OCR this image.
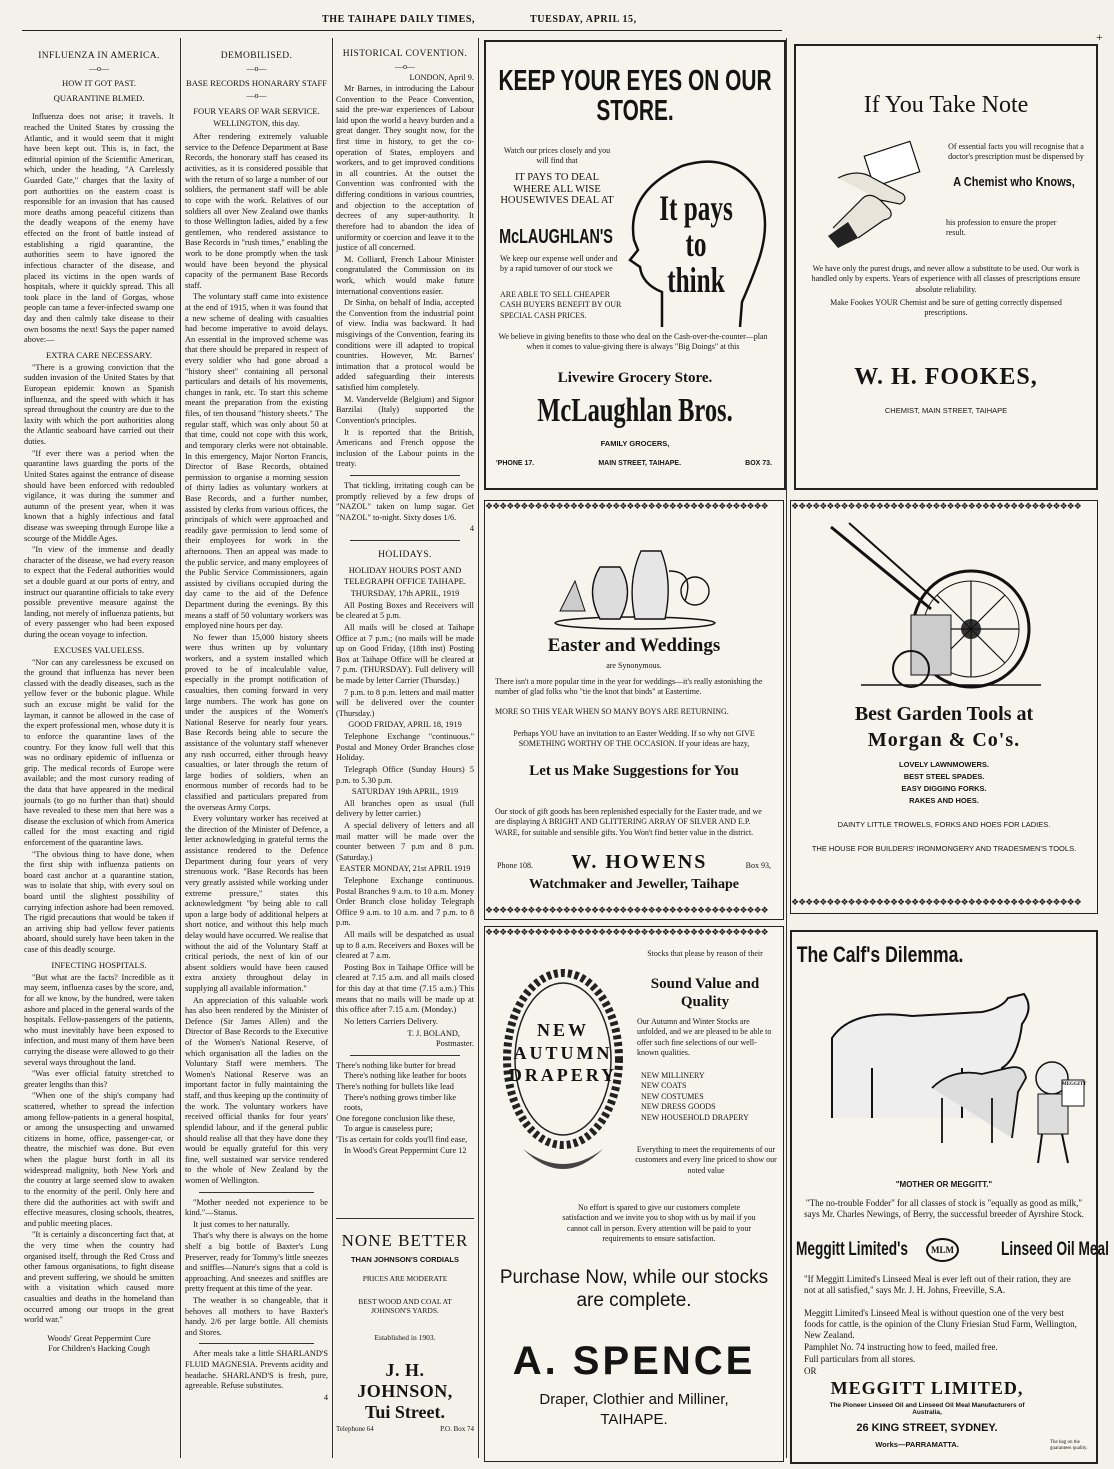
THE TAIHAPE DAILY TIMES,	TUESDAY, APRIL 15,
+
INFLUENZA IN AMERICA.
—o—
HOW IT GOT PAST.
QUARANTINE BLMED.

Influenza does not arise; it travels. It reached the United States by crossing the Atlantic, and it would seem that it might have been kept out. This is, in fact, the editorial opinion of the Scientific American, which, under the heading, "A Carelessly Guarded Gate," charges that the laxity of port authorities on the eastern coast is responsible for an invasion that has caused more deaths among peaceful citizens than the deadly weapons of the enemy have effected on the front of battle instead of establishing a rigid quarantine, the authorities seem to have ignored the infectious character of the disease, and placed its victims in the open wards of hospitals, where it quickly spread. This all took place in the land of Gorgas, whose people can tame a fever-infected swamp one day and then calmly take disease to their own bosoms the next! Says the paper named above:—

EXTRA CARE NECESSARY.

"There is a growing conviction that the sudden invasion of the United States by that European epidemic known as Spanish influenza, and the speed with which it has spread throughout the country are due to the laxity with which the port authorities along the Atlantic seaboard have carried out their duties.

"If ever there was a period when the quarantine laws guarding the ports of the United States against the entrance of disease should have been enforced with redoubled vigilance, it was during the summer and autumn of the present year, when it was known that a highly infectious and fatal disease was sweeping through Europe like a scourge of the Middle Ages.

"In view of the immense and deadly character of the disease, we had every reason to expect that the Federal authorities would set a double guard at our ports of entry, and instruct our quarantine officials to take every possible preventive measure against the landing, not merely of influenza patients, but of every passenger who had been exposed during the ocean voyage to infection.

EXCUSES VALUELESS.

"Nor can any carelessness be excused on the ground that influenza has never been classed with the deadly diseases, such as the yellow fever or the bubonic plague. While such an excuse might be valid for the layman, it cannot be allowed in the case of the expert professional men, whose duty it is to enforce the quarantine laws of the country. For they know full well that this was no ordinary epidemic of influenza or grip. The medical records of Europe were available; and the most cursory reading of the data that have appeared in the medical journals (to go no further than that) should have revealed to these men that here was a disease the exclusion of which from America called for the most exacting and rigid enforcement of the quarantine laws.

"The obvious thing to have done, when the first ship with influenza patients on board cast anchor at a quarantine station, was to isolate that ship, with every soul on board until the slightest possibility of carrying infection ashore had been removed. The rigid precautions that would be taken if an arriving ship had yellow fever patients aboard, should surely have been taken in the case of this deadly scourge.

INFECTING HOSPITALS.

"But what are the facts? Incredible as it may seem, influenza cases by the score, and, for all we know, by the hundred, were taken ashore and placed in the general wards of the hospitals. Fellow-passengers of the patients, who must inevitably have been exposed to infection, and must many of them have been carrying the disease were allowed to go their several ways throughout the land.

"Was ever official fatuity stretched to greater lengths than this?

"When one of the ship's company had scattered, whether to spread the infection among fellow-patients in a general hospital, or among the unsuspecting and unwarned citizens in home, office, passenger-car, or theatre, the mischief was done. But even when the plague burst forth in all its widespread malignity, both New York and the country at large seemed slow to awaken to the enormity of the peril. Only here and there did the authorities act with swift and effective measures, closing schools, theatres, and public meeting places.

"It is certainly a disconcerting fact that, at the very time when the country had organised itself, through the Red Cross and other famous organisations, to fight disease and prevent suffering, we should be smitten with a visitation which caused more casualties and deaths in the homeland than occurred among our troops in the great world war."

Woods' Great Peppermint Cure
For Children's Hacking Cough
DEMOBILISED.
—o—
BASE RECORDS HONARARY STAFF
—o—
FOUR YEARS OF WAR SERVICE.
WELLINGTON, this day.

After rendering extremely valuable service to the Defence Department at Base Records, the honorary staff has ceased its activities, as it is considered possible that with the return of so large a number of our soldiers, the permanent staff will be able to cope with the work. Relatives of our soldiers all over New Zealand owe thanks to those Wellington ladies, aided by a few gentlemen, who rendered assistance to Base Records in "rush times," enabling the work to be done promptly when the task would have been beyond the physical capacity of the permanent Base Records staff.

The voluntary staff came into existence at the end of 1915, when it was found that a new scheme of dealing with casualties had become imperative to avoid delays. An essential in the improved scheme was that there should be prepared in respect of every soldier who had gone abroad a "history sheet" containing all personal particulars and details of his movements, changes in rank, etc. To start this scheme meant the preparation from the existing files, of ten thousand "history sheets." The regular staff, which was only about 50 at that time, could not cope with this work, and temporary clerks were not obtainable. In this emergency, Major Norton Francis, Director of Base Records, obtained permission to organise a morning session of thirty ladies as voluntary workers at Base Records, and a further number, assisted by clerks from various offices, the principals of which were approached and readily gave permission to lend some of their employees for work in the afternoons. Then an appeal was made to the public service, and many employees of the Public Service Commissioners, again assisted by civilians occupied during the day came to the aid of the Defence Department during the evenings. By this means a staff of 50 voluntary workers was employed nine hours per day.

No fewer than 15,000 history sheets were thus written up by voluntary workers, and a system installed which proved to be of incalculable value, especially in the prompt notification of casualties, then coming forward in very large numbers. The work has gone on under the auspices of the Women's National Reserve for nearly four years. Base Records being able to secure the assistance of the voluntary staff whenever any rush occurred, either through heavy casualties, or later through the return of large bodies of soldiers, when an enormous number of records had to be classified and particulars prepared from the overseas Army Corps.

Every voluntary worker has received at the direction of the Minister of Defence, a letter acknowledging in grateful terms the assistance rendered to the Defence Department during four years of very strenuous work. "Base Records has been very greatly assisted while working under extreme pressure," states this acknowledgment "by being able to call upon a large body of additional helpers at short notice, and without this help much delay would have occurred. We realise that without the aid of the Voluntary Staff at critical periods, the next of kin of our absent soldiers would have been caused extra anxiety throughout delay in supplying all available information."

An appreciation of this valuable work has also been rendered by the Minister of Defence (Sir James Allen) and the Director of Base Records to the Executive of the Women's National Reserve, of which organisation all the ladies on the Voluntary Staff were members. The Women's National Reserve was an important factor in fully maintaining the staff, and thus keeping up the continuity of the work. The voluntary workers have received official thanks for four years' splendid labour, and if the general public should realise all that they have done they would be equally grateful for this very fine, well sustained war service rendered to the whole of New Zealand by the women of Wellington.

"Mother needed not experience to be kind."—Stanus.

It just comes to her naturally.

That's why there is always on the home shelf a big bottle of Baxter's Lung Preserver, ready for Tommy's little sneezes and sniffles—Nature's signs that a cold is approaching. And sneezes and sniffles are pretty frequent at this time of the year.

The weather is so changeable, that it behoves all mothers to have Baxter's handy. 2/6 per large bottle. All chemists and Stores.

After meals take a little SHARLAND'S FLUID MAGNESIA. Prevents acidity and headache. SHARLAND'S is fresh, pure, agreeable. Refuse substitutes.

4
HISTORICAL COVENTION.
—o—
LONDON, April 9.

Mr Barnes, in introducing the Labour Convention to the Peace Convention, said the pre-war experiences of Labour laid upon the world a heavy burden and a great danger. They sought now, for the first time in history, to get the co-operation of States, employers and workers, and to get improved conditions in all countries. At the outset the Convention was confronted with the differing conditions in various countries, and objection to the acceptation of decrees of any super-authority. It therefore had to abandon the idea of uniformity or coercion and leave it to the justice of all concerned.

M. Colliard, French Labour Minister congratulated the Commission on its work, which would make future international conventions easier.

Dr Sinha, on behalf of India, accepted the Convention from the industrial point of view. India was backward. It had misgivings of the Convention, fearing its conditions were ill adapted to tropical countries. However, Mr. Barnes' intimation that a protocol would be added safeguarding their interests satisfied him completely.

M. Vandervelde (Belgium) and Signor Barzilai (Italy) supported the Convention's principles.

It is reported that the British, Americans and French oppose the inclusion of the Labour points in the treaty.

That tickling, irritating cough can be promptly relieved by a few drops of "NAZOL" taken on lump sugar. Get "NAZOL" to-night. Sixty doses 1/6.

4
HOLIDAYS.
HOLIDAY HOURS POST AND TELEGRAPH OFFICE TAIHAPE.

THURSDAY, 17th APRIL, 1919

All Posting Boxes and Receivers will be cleared at 5 p.m.

All mails will be closed at Taihape Office at 7 p.m.; (no mails will be made up on Good Friday, (18th inst) Posting Box at Taihape Office will be cleared at 7 p.m. (THURSDAY). Full delivery will be made by letter Carrier (Thursday.)

7 p.m. to 8 p.m. letters and mail matter will be delivered over the counter (Thursday.)

GOOD FRIDAY, APRIL 18, 1919

Telephone Exchange "continuous." Postal and Money Order Branches close Holiday.

Telegraph Office (Sunday Hours) 5 p.m. to 5.30 p.m.

SATURDAY 19th APRIL, 1919

All branches open as usual (full delivery by letter carrier.)

A special delivery of letters and all mail matter will be made over the counter between 7 p.m and 8 p.m. (Saturday.)

EASTER MONDAY, 21st APRIL 1919

Telephone Exchange continuous. Postal Branches 9 a.m. to 10 a.m. Money Order Branch close holiday Telegraph Office 9 a.m. to 10 a.m. and 7 p.m. to 8 p.m.

All mails will be despatched as usual up to 8 a.m. Receivers and Boxes will be cleared at 7 a.m.

Posting Box in Taihape Office will be cleared at 7.15 a.m. and all mails closed for this day at that time (7.15 a.m.) This means that no mails will be made up at this office after 7.15 a.m. (Monday.)

No letters Carriers Delivery.

T. J. BOLAND,
Postmaster.
There's nothing like butter for bread
There's nothing like leather for boots
There's nothing for bullets like lead
There's nothing grows timber like roots,
One foregone conclusion like these,
To argue is causeless pure;
'Tis as certain for colds you'll find ease,
In Wood's Great Peppermint Cure 12
NONE BETTER
THAN JOHNSON'S CORDIALS
PRICES ARE MODERATE
BEST WOOD AND COAL AT JOHNSON'S YARDS.
Established in 1903.
J. H. JOHNSON,
Tui Street.
Telephone 64	P.O. Box 74
KEEP YOUR EYES ON OUR STORE.
Watch our prices closely and you will find that
IT PAYS TO DEAL WHERE ALL WISE HOUSEWIVES DEAL AT
McLAUGHLAN'S
We keep our expense well under and by a rapid turnover of our stock we
ARE ABLE TO SELL CHEAPER CASH BUYERS BENEFIT BY OUR SPECIAL CASH PRICES.
It pays to think
We believe in giving benefits to those who deal on the Cash-over-the-counter—plan when it comes to value-giving there is always "Big Doings" at this
Livewire Grocery Store.
McLaughlan Bros.
FAMILY GROCERS,
'PHONE 17.	MAIN STREET, TAIHAPE.	BOX 73.
If You Take Note
Of essential facts you will recognise that a doctor's prescription must be dispensed by
A Chemist who Knows,
his profession to ensure the proper result.
We have only the purest drugs, and never allow a substitute to be used. Our work is handled only by experts. Years of experience with all classes of prescriptions ensure absolute reliability.
Make Fookes YOUR Chemist and be sure of getting correctly dispensed prescriptions.
W. H. FOOKES,
CHEMIST, MAIN STREET, TAIHAPE
❖❖❖❖❖❖❖❖❖❖❖❖❖❖❖❖❖❖❖❖❖❖❖❖❖❖❖❖❖❖❖❖❖❖❖❖❖❖❖❖
Easter and Weddings
are Synonymous.
There isn't a more popular time in the year for weddings—it's really astonishing the number of glad folks who "tie the knot that binds" at Eastertime.
MORE SO THIS YEAR WHEN SO MANY BOYS ARE RETURNING.
Perhaps YOU have an invitation to an Easter Wedding. If so why not GIVE SOMETHING WORTHY OF THE OCCASION. If your ideas are hazy,
Let us Make Suggestions for You
Our stock of gift goods has been replenished especially for the Easter trade, and we are displaying A BRIGHT AND GLITTERING ARRAY OF SILVER AND E.P. WARE, for suitable and sensible gifts. You Won't find better value in the district.
Phone 108. W. HOWENS	Box 93,
Watchmaker and Jeweller, Taihape
❖❖❖❖❖❖❖❖❖❖❖❖❖❖❖❖❖❖❖❖❖❖❖❖❖❖❖❖❖❖❖❖❖❖❖❖❖❖❖❖
❖❖❖❖❖❖❖❖❖❖❖❖❖❖❖❖❖❖❖❖❖❖❖❖❖❖❖❖❖❖❖❖❖❖❖❖❖❖❖❖❖
Best Garden Tools at
Morgan & Co's.
LOVELY LAWNMOWERS.
BEST STEEL SPADES.
EASY DIGGING FORKS.
RAKES AND HOES.
DAINTY LITTLE TROWELS, FORKS AND HOES FOR LADIES.
THE HOUSE FOR BUILDERS' IRONMONGERY AND TRADESMEN'S TOOLS.
❖❖❖❖❖❖❖❖❖❖❖❖❖❖❖❖❖❖❖❖❖❖❖❖❖❖❖❖❖❖❖❖❖❖❖❖❖❖❖❖❖
❖❖❖❖❖❖❖❖❖❖❖❖❖❖❖❖❖❖❖❖❖❖❖❖❖❖❖❖❖❖❖❖❖❖❖❖❖❖❖❖
NEW
AUTUMN
DRAPERY
Stocks that please by reason of their
Sound Value and Quality
Our Autumn and Winter Stocks are unfolded, and we are pleased to be able to offer such fine selections of our well-known qualities.
NEW MILLINERY
NEW COATS
NEW COSTUMES
NEW DRESS GOODS
NEW HOUSEHOLD DRAPERY
Everything to meet the requirements of our customers and every line priced to show our noted value
No effort is spared to give our customers complete satisfaction and we invite you to shop with us by mail if you cannot call in person. Every attention will be paid to your requirements to ensure satisfaction.
Purchase Now, while our stocks are complete.
A. SPENCE
Draper, Clothier and Milliner,
TAIHAPE.
The Calf's Dilemma.
MEGGITT
"MOTHER OR MEGGITT."
"The no-trouble Fodder" for all classes of stock is "equally as good as milk," says Mr. Charles Newings, of Berry, the successful breeder of Ayrshire Stock.
Meggitt Limited's	MLM Linseed Oil Meal
"If Meggitt Limited's Linseed Meal is ever left out of their ration, they are not at all satisfied," says Mr. J. H. Johns, Freeville, S.A.
Meggitt Limited's Linseed Meal is without question one of the very best foods for cattle, is the opinion of the Cluny Friesian Stud Farm, Wellington, New Zealand.
Pamphlet No. 74 instructing how to feed, mailed free.
Full particulars from all stores.
OR
MEGGITT LIMITED,
The Pioneer Linseed Oil and Linseed Oil Meal Manufacturers of Australia,
26 KING STREET, SYDNEY.
Works—PARRAMATTA.	The bag on the guarantees quality.
